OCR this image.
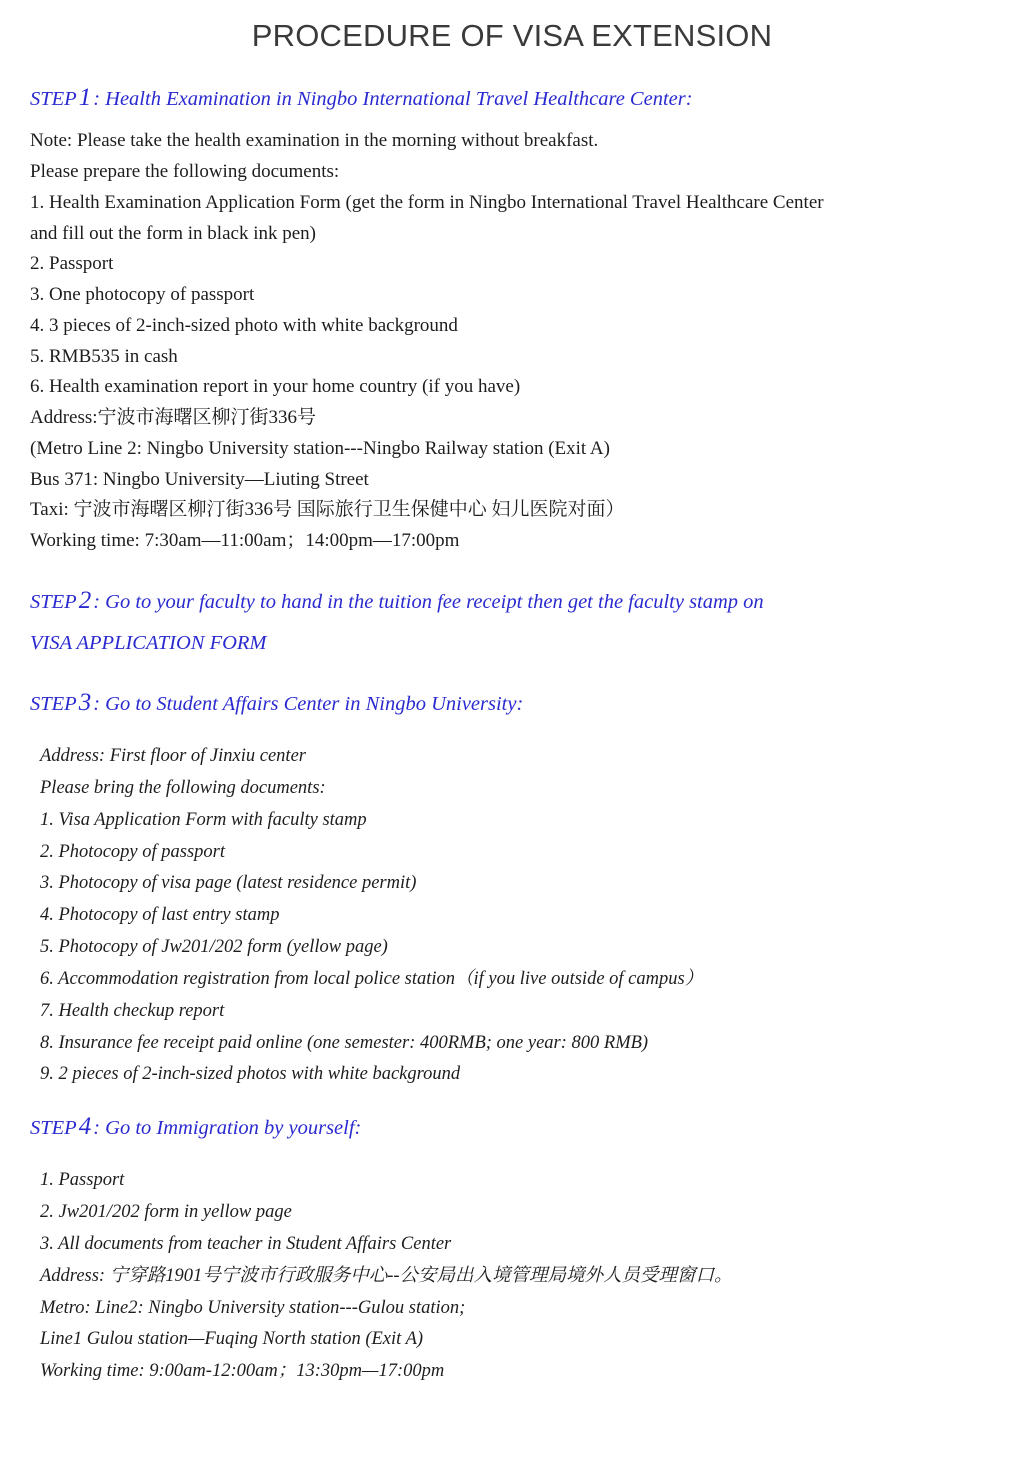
PROCEDURE OF VISA EXTENSION
STEP1: Health Examination in Ningbo International Travel Healthcare Center:
Note: Please take the health examination in the morning without breakfast.
Please prepare the following documents:
1. Health Examination Application Form (get the form in Ningbo International Travel Healthcare Center
and fill out the form in black ink pen)
2. Passport
3. One photocopy of passport
4. 3 pieces of 2-inch-sized photo with white background
5. RMB535 in cash
6. Health examination report in your home country (if you have)
Address:宁波市海曙区柳汀街336号
(Metro Line 2: Ningbo University station---Ningbo Railway station (Exit A)
Bus 371: Ningbo University—Liuting Street
Taxi: 宁波市海曙区柳汀街336号 国际旅行卫生保健中心 妇儿医院对面）
Working time: 7:30am—11:00am；14:00pm—17:00pm
STEP2: Go to your faculty to hand in the tuition fee receipt then get the faculty stamp on
VISA APPLICATION FORM
STEP3: Go to Student Affairs Center in Ningbo University:
Address: First floor of Jinxiu center
Please bring the following documents:
1. Visa Application Form with faculty stamp
2. Photocopy of passport
3. Photocopy of visa page (latest residence permit)
4. Photocopy of last entry stamp
5. Photocopy of Jw201/202 form (yellow page)
6. Accommodation registration from local police station（if you live outside of campus）
7. Health checkup report
8. Insurance fee receipt paid online (one semester: 400RMB; one year: 800 RMB)
9. 2 pieces of 2-inch-sized photos with white background
STEP4: Go to Immigration by yourself:
1. Passport
2. Jw201/202 form in yellow page
3. All documents from teacher in Student Affairs Center
Address: 宁穿路1901号宁波市行政服务中心--公安局出入境管理局境外人员受理窗口。
Metro: Line2: Ningbo University station---Gulou station;
Line1 Gulou station—Fuqing North station (Exit A)
Working time: 9:00am-12:00am；13:30pm—17:00pm
